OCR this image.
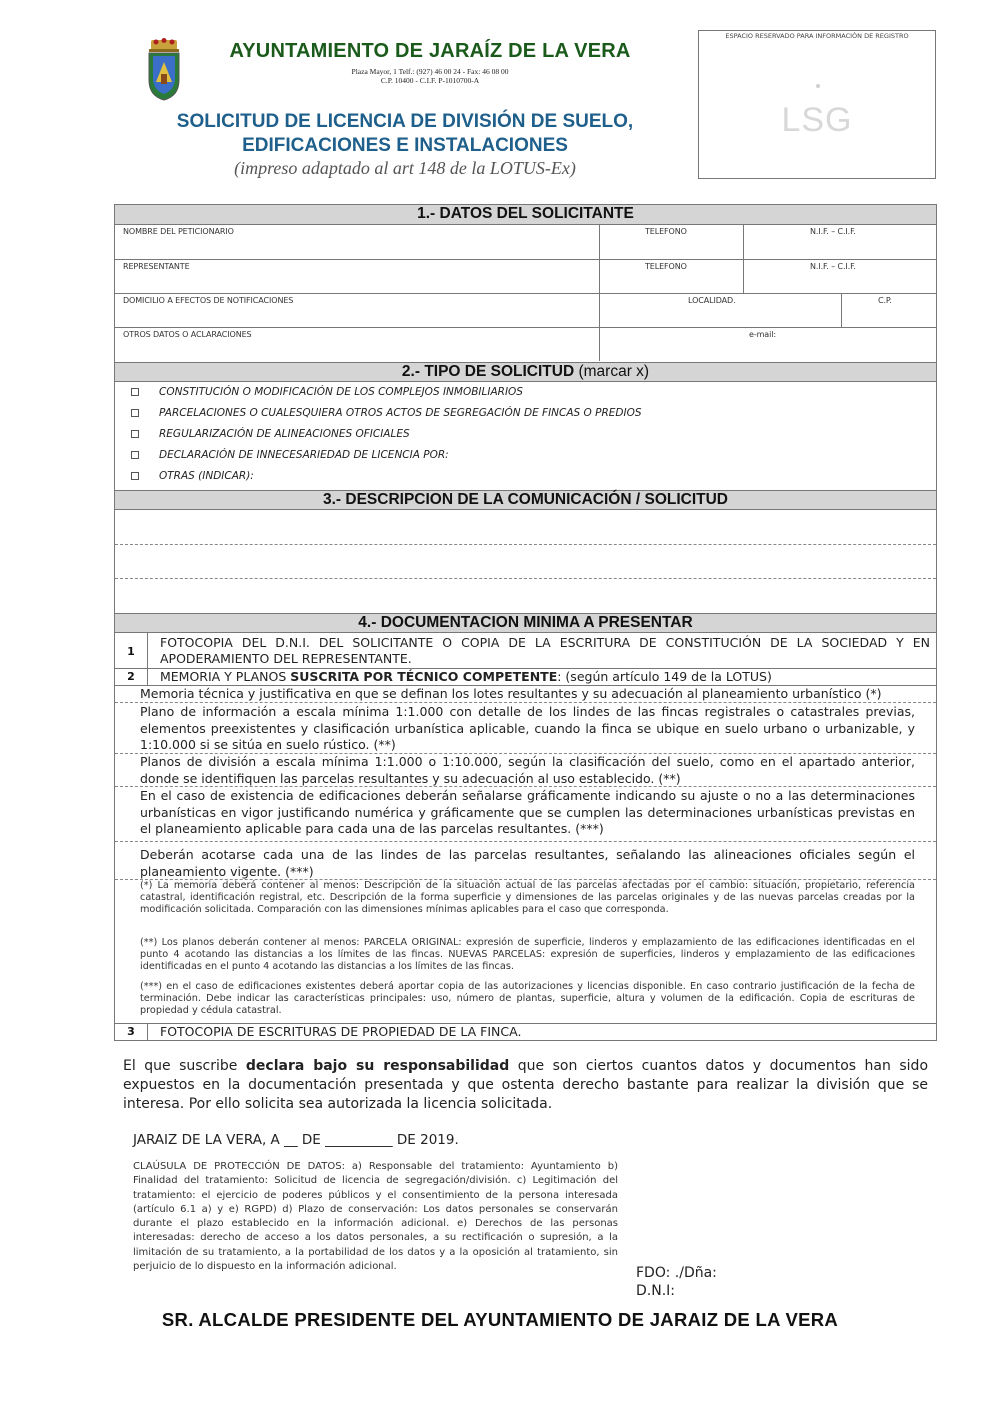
AYUNTAMIENTO DE JARAÍZ DE LA VERA
Plaza Mayor, 1 Telf.: (927) 46 00 24 - Fax: 46 08 00
C.P. 10400 - C.I.F. P-1010700-A
SOLICITUD DE LICENCIA DE DIVISIÓN DE SUELO,
EDIFICACIONES E INSTALACIONES
(impreso adaptado al art 148 de la LOTUS-Ex)
ESPACIO RESERVADO PARA INFORMACIÓN DE REGISTRO
LSG
1.- DATOS DEL SOLICITANTE
NOMBRE DEL PETICIONARIO	TELEFONO	N.I.F. – C.I.F.
REPRESENTANTE	TELEFONO	N.I.F. – C.I.F.
DOMICILIO A EFECTOS DE NOTIFICACIONES	LOCALIDAD.	C.P.
OTROS DATOS O ACLARACIONES	e-mail:
2.- TIPO DE SOLICITUD (marcar x)
CONSTITUCIÓN O MODIFICACIÓN DE LOS COMPLEJOS INMOBILIARIOS
PARCELACIONES O CUALESQUIERA OTROS ACTOS DE SEGREGACIÓN DE FINCAS O PREDIOS
REGULARIZACIÓN DE ALINEACIONES OFICIALES
DECLARACIÓN DE INNECESARIEDAD DE LICENCIA POR:
OTRAS (INDICAR):
3.- DESCRIPCION DE LA COMUNICACIÓN / SOLICITUD
4.- DOCUMENTACION MINIMA A PRESENTAR
1
FOTOCOPIA DEL D.N.I. DEL SOLICITANTE O COPIA DE LA ESCRITURA DE CONSTITUCIÓN DE LA SOCIEDAD Y EN APODERAMIENTO DEL REPRESENTANTE.
2	MEMORIA Y PLANOS SUSCRITA POR TÉCNICO COMPETENTE: (según artículo 149 de la LOTUS)
Memoria técnica y justificativa en que se definan los lotes resultantes y su adecuación al planeamiento urbanístico (*)
Plano de información a escala mínima 1:1.000 con detalle de los lindes de las fincas registrales o catastrales previas, elementos preexistentes y clasificación urbanística aplicable, cuando la finca se ubique en suelo urbano o urbanizable, y 1:10.000 si se sitúa en suelo rústico. (**)
Planos de división a escala mínima 1:1.000 o 1:10.000, según la clasificación del suelo, como en el apartado anterior, donde se identifiquen las parcelas resultantes y su adecuación al uso establecido. (**)
En el caso de existencia de edificaciones deberán señalarse gráficamente indicando su ajuste o no a las determinaciones urbanísticas en vigor justificando numérica y gráficamente que se cumplen las determinaciones urbanísticas previstas en el planeamiento aplicable para cada una de las parcelas resultantes. (***)
Deberán acotarse cada una de las lindes de las parcelas resultantes, señalando las alineaciones oficiales según el planeamiento vigente. (***)
(*) La memoria deberá contener al menos: Descripción de la situación actual de las parcelas afectadas por el cambio: situación, propietario, referencia catastral, identificación registral, etc. Descripción de la forma superficie y dimensiones de las parcelas originales y de las nuevas parcelas creadas por la modificación solicitada. Comparación con las dimensiones mínimas aplicables para el caso que corresponda.
(**) Los planos deberán contener al menos: PARCELA ORIGINAL: expresión de superficie, linderos y emplazamiento de las edificaciones identificadas en el punto 4 acotando las distancias a los límites de las fincas. NUEVAS PARCELAS: expresión de superficies, linderos y emplazamiento de las edificaciones identificadas en el punto 4 acotando las distancias a los límites de las fincas.
(***) en el caso de edificaciones existentes deberá aportar copia de las autorizaciones y licencias disponible. En caso contrario justificación de la fecha de terminación. Debe indicar las características principales: uso, número de plantas, superficie, altura y volumen de la edificación. Copia de escrituras de propiedad y cédula catastral.
3	FOTOCOPIA DE ESCRITURAS DE PROPIEDAD DE LA FINCA.
El que suscribe declara bajo su responsabilidad que son ciertos cuantos datos y documentos han sido expuestos en la documentación presentada y que ostenta derecho bastante para realizar la división que se interesa. Por ello solicita sea autorizada la licencia solicitada.
JARAIZ DE LA VERA, A __ DE __________ DE 2019.
CLAÚSULA DE PROTECCIÓN DE DATOS: a) Responsable del tratamiento: Ayuntamiento b) Finalidad del tratamiento: Solicitud de licencia de segregación/división. c) Legitimación del tratamiento: el ejercicio de poderes públicos y el consentimiento de la persona interesada (artículo 6.1 a) y e) RGPD) d) Plazo de conservación: Los datos personales se conservarán durante el plazo establecido en la información adicional. e) Derechos de las personas interesadas: derecho de acceso a los datos personales, a su rectificación o supresión, a la limitación de su tratamiento, a la portabilidad de los datos y a la oposición al tratamiento, sin perjuicio de lo dispuesto en la información adicional.	FDO: ./Dña:
D.N.I:
SR. ALCALDE PRESIDENTE DEL AYUNTAMIENTO DE JARAIZ DE LA VERA
